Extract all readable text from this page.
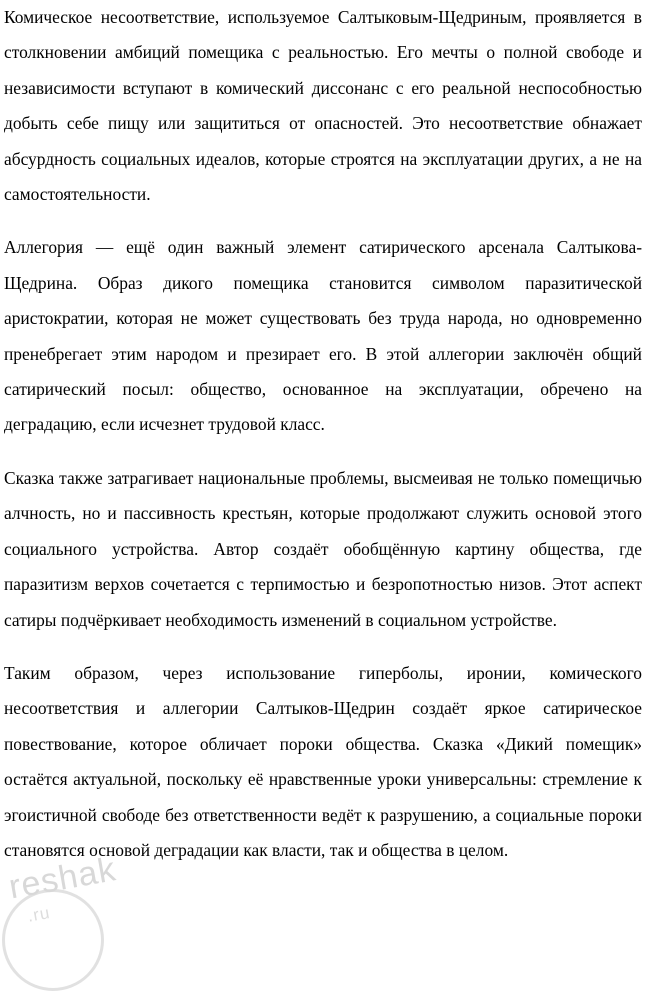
Комическое несоответствие, используемое Салтыковым-Щедриным, проявляется в столкновении амбиций помещика с реальностью. Его мечты о полной свободе и независимости вступают в комический диссонанс с его реальной неспособностью добыть себе пищу или защититься от опасностей. Это несоответствие обнажает абсурдность социальных идеалов, которые строятся на эксплуатации других, а не на самостоятельности.

Аллегория — ещё один важный элемент сатирического арсенала Салтыкова-Щедрина. Образ дикого помещика становится символом паразитической аристократии, которая не может существовать без труда народа, но одновременно пренебрегает этим народом и презирает его. В этой аллегории заключён общий сатирический посыл: общество, основанное на эксплуатации, обречено на деградацию, если исчезнет трудовой класс.

Сказка также затрагивает национальные проблемы, высмеивая не только помещичью алчность, но и пассивность крестьян, которые продолжают служить основой этого социального устройства. Автор создаёт обобщённую картину общества, где паразитизм верхов сочетается с терпимостью и безропотностью низов. Этот аспект сатиры подчёркивает необходимость изменений в социальном устройстве.

Таким образом, через использование гиперболы, иронии, комического несоответствия и аллегории Салтыков-Щедрин создаёт яркое сатирическое повествование, которое обличает пороки общества. Сказка «Дикий помещик» остаётся актуальной, поскольку её нравственные уроки универсальны: стремление к эгоистичной свободе без ответственности ведёт к разрушению, а социальные пороки становятся основой деградации как власти, так и общества в целом.

reshak
.ru
